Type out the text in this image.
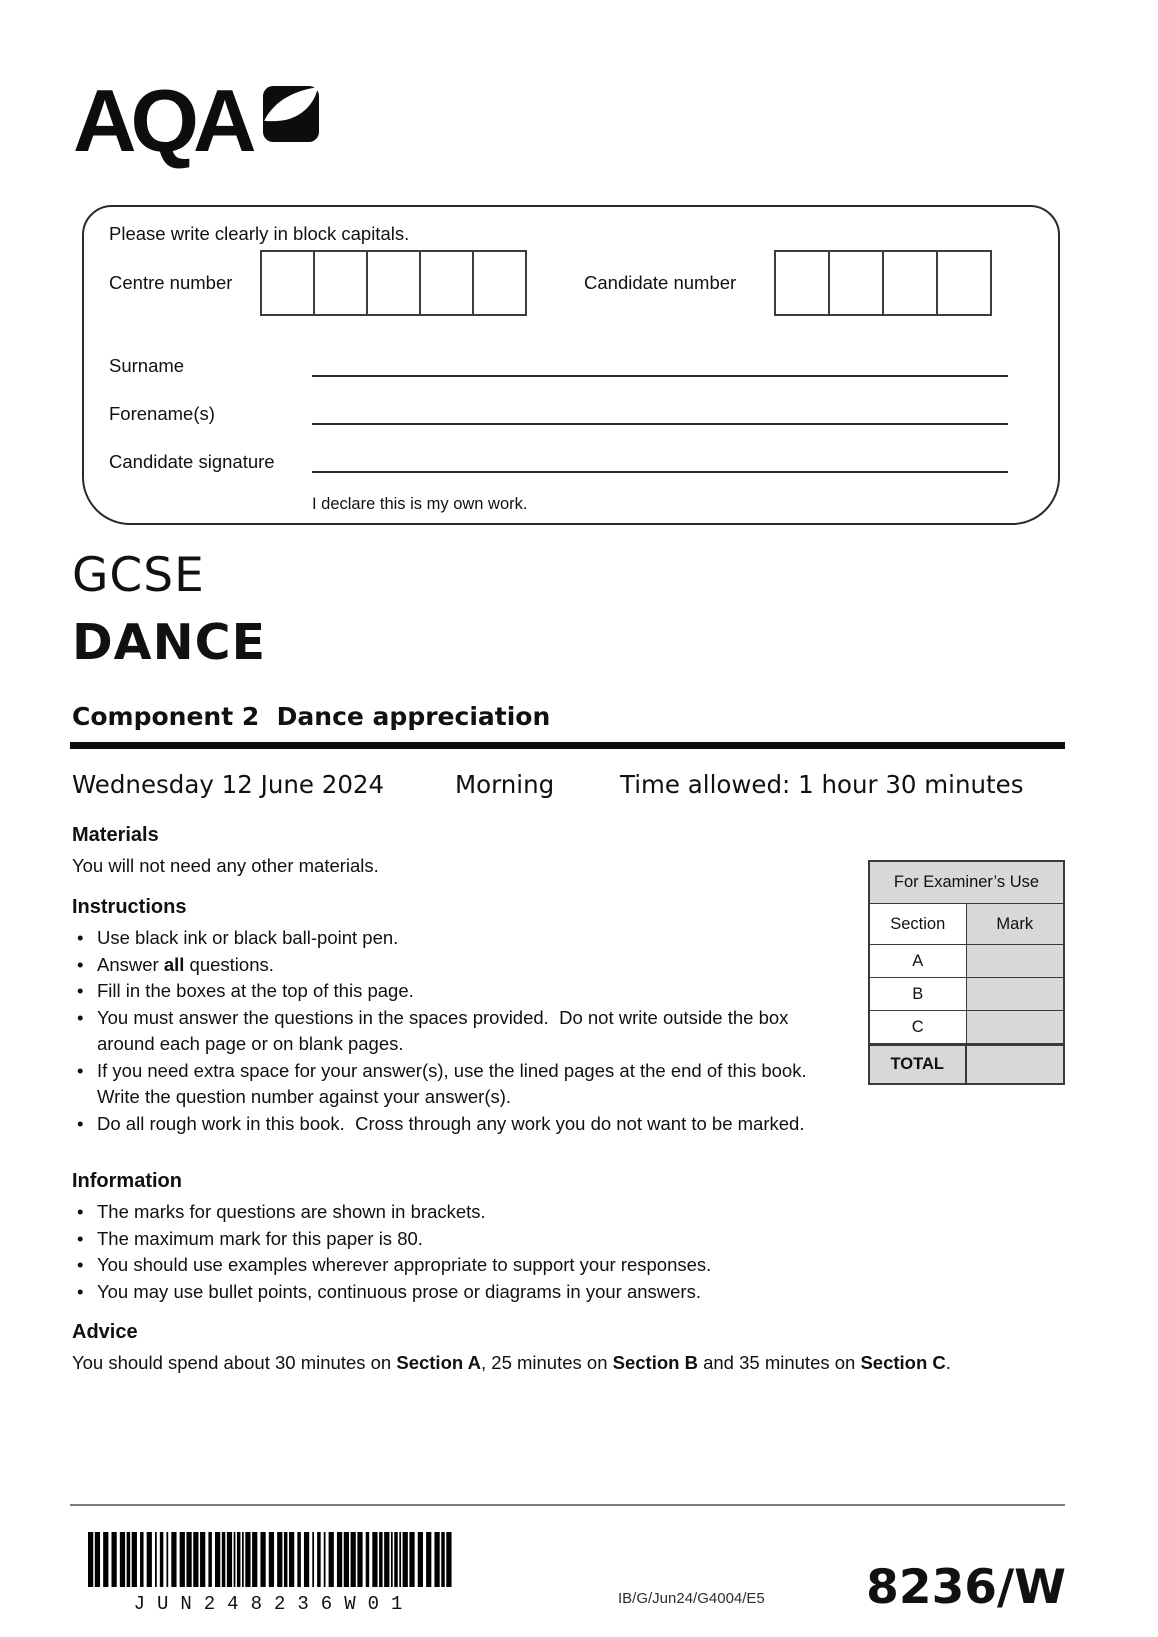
AQA
Please write clearly in block capitals.
Centre number	Candidate number
Surname
Forename(s)
Candidate signature
I declare this is my own work.
GCSE
DANCE
Component 2  Dance appreciation
Wednesday 12 June 2024	Morning	Time allowed: 1 hour 30 minutes
Materials

You will not need any other materials.

Instructions
• Use black ink or black ball-point pen.
• Answer all questions.
• Fill in the boxes at the top of this page.
• You must answer the questions in the spaces provided.  Do not write outside the box around each page or on blank pages.
• If you need extra space for your answer(s), use the lined pages at the end of this book.  Write the question number against your answer(s).
• Do all rough work in this book.  Cross through any work you do not want to be marked.
Information
• The marks for questions are shown in brackets.
• The maximum mark for this paper is 80.
• You should use examples wherever appropriate to support your responses.
• You may use bullet points, continuous prose or diagrams in your answers.
Advice

You should spend about 30 minutes on Section A, 25 minutes on Section B and 35 minutes on Section C.

For Examiner’s Use
Section	Mark
A
B
C
TOTAL
JUN248236W01	IB/G/Jun24/G4004/E5 8236/W
